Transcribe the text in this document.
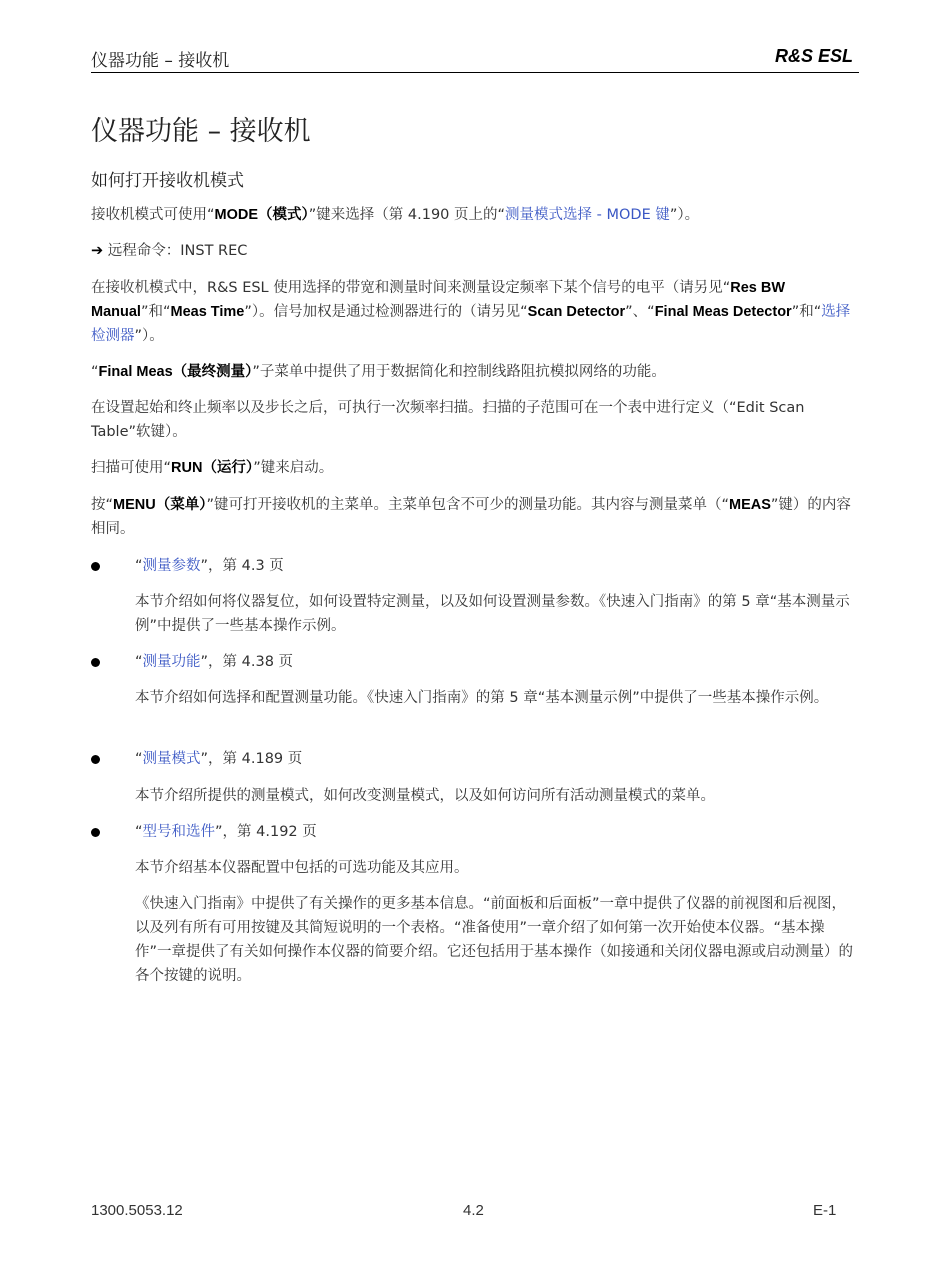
仪器功能 – 接收机	R&S ESL
仪器功能 – 接收机
如何打开接收机模式
接收机模式可使用“MODE（模式）”键来选择（第 4.190 页上的“测量模式选择 - MODE 键”）。
➔ 远程命令：INST REC
在接收机模式中，R&S ESL 使用选择的带宽和测量时间来测量设定频率下某个信号的电平（请另见“Res BW Manual”和“Meas Time”）。信号加权是通过检测器进行的（请另见“Scan Detector”、“Final Meas Detector”和“选择检测器”）。
“Final Meas（最终测量）”子菜单中提供了用于数据简化和控制线路阻抗模拟网络的功能。
在设置起始和终止频率以及步长之后，可执行一次频率扫描。扫描的子范围可在一个表中进行定义（“Edit Scan Table”软键）。
扫描可使用“RUN（运行）”键来启动。
按“MENU（菜单）”键可打开接收机的主菜单。主菜单包含不可少的测量功能。其内容与测量菜单（“MEAS”键）的内容相同。
“测量参数”，第 4.3 页
本节介绍如何将仪器复位，如何设置特定测量，以及如何设置测量参数。《快速入门指南》的第 5 章“基本测量示例”中提供了一些基本操作示例。
“测量功能”，第 4.38 页
本节介绍如何选择和配置测量功能。《快速入门指南》的第 5 章“基本测量示例”中提供了一些基本操作示例。
“测量模式”，第 4.189 页
本节介绍所提供的测量模式，如何改变测量模式，以及如何访问所有活动测量模式的菜单。
“型号和选件”，第 4.192 页
本节介绍基本仪器配置中包括的可选功能及其应用。
《快速入门指南》中提供了有关操作的更多基本信息。“前面板和后面板”一章中提供了仪器的前视图和后视图，以及列有所有可用按键及其简短说明的一个表格。“准备使用”一章介绍了如何第一次开始使本仪器。“基本操作”一章提供了有关如何操作本仪器的简要介绍。它还包括用于基本操作（如接通和关闭仪器电源或启动测量）的各个按键的说明。
1300.5053.12	4.2	E-1
